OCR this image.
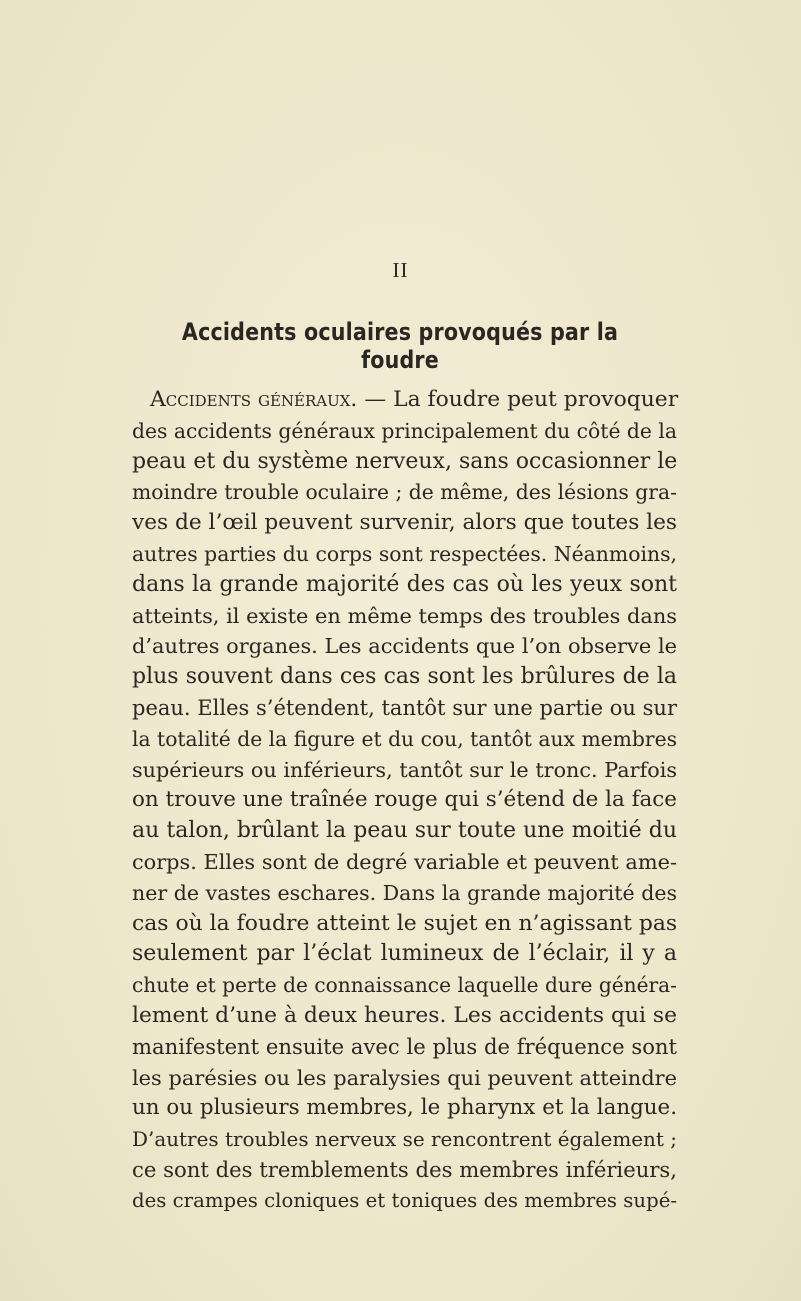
II
Accidents oculaires provoqués par la foudre
Accidents généraux. — La foudre peut provoquer
des accidents généraux principalement du côté de la
peau et du système nerveux, sans occasionner le
moindre trouble oculaire ; de même, des lésions gra-
ves de l’œil peuvent survenir, alors que toutes les
autres parties du corps sont respectées. Néanmoins,
dans la grande majorité des cas où les yeux sont
atteints, il existe en même temps des troubles dans
d’autres organes. Les accidents que l’on observe le
plus souvent dans ces cas sont les brûlures de la
peau. Elles s’étendent, tantôt sur une partie ou sur
la totalité de la figure et du cou, tantôt aux membres
supérieurs ou inférieurs, tantôt sur le tronc. Parfois
on trouve une traînée rouge qui s’étend de la face
au talon, brûlant la peau sur toute une moitié du
corps. Elles sont de degré variable et peuvent ame-
ner de vastes eschares. Dans la grande majorité des
cas où la foudre atteint le sujet en n’agissant pas
seulement par l’éclat lumineux de l’éclair, il y a
chute et perte de connaissance laquelle dure généra-
lement d’une à deux heures. Les accidents qui se
manifestent ensuite avec le plus de fréquence sont
les parésies ou les paralysies qui peuvent atteindre
un ou plusieurs membres, le pharynx et la langue.
D’autres troubles nerveux se rencontrent également ;
ce sont des tremblements des membres inférieurs,
des crampes cloniques et toniques des membres supé-
